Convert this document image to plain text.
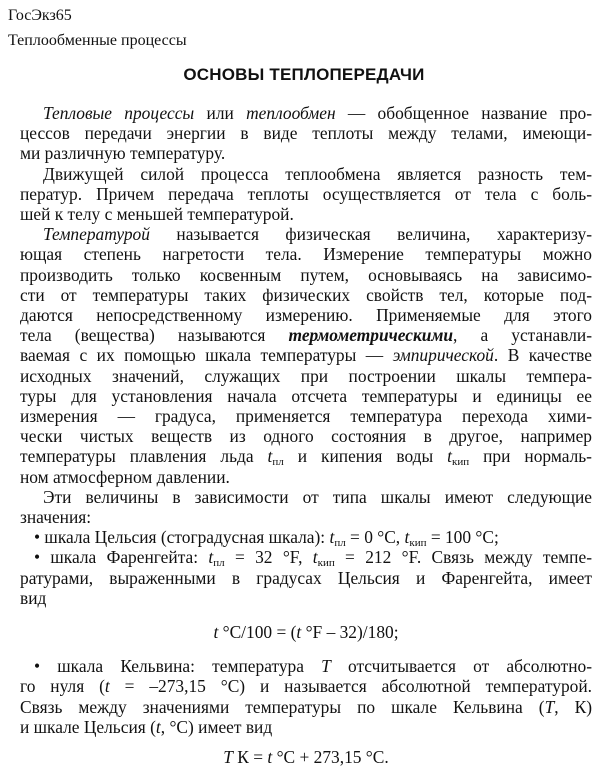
ГосЭкз65
Теплообменные процессы
ОСНОВЫ ТЕПЛОПЕРЕДАЧИ

Тепловые процессы или теплообмен — обобщенное название про-

цессов передачи энергии в виде теплоты между телами, имеющи-

ми различную температуру.

Движущей силой процесса теплообмена является разность тем-

ператур. Причем передача теплоты осуществляется от тела с боль-

шей к телу с меньшей температурой.

Температурой называется физическая величина, характеризу-

ющая степень нагретости тела. Измерение температуры можно

производить только косвенным путем, основываясь на зависимо-

сти от температуры таких физических свойств тел, которые под-

даются непосредственному измерению. Применяемые для этого

тела (вещества) называются термометрическими, а устанавли-

ваемая с их помощью шкала температуры — эмпирической. В качестве

исходных значений, служащих при построении шкалы темпера-

туры для установления начала отсчета температуры и единицы ее

измерения — градуса, применяется температура перехода хими-

чески чистых веществ из одного состояния в другое, например

температуры плавления льда $t_{пл}$ и кипения воды $t_{кип}$ при нормаль-

ном атмосферном давлении.

Эти величины в зависимости от типа шкалы имеют следующие

значения:

• шкала Цельсия (стоградусная шкала): $t_{пл} = 0$ °С, $t_{кип} = 100$ °С;

• шкала Фаренгейта: $t_{пл} = 32$ °F, $t_{кип} = 212$ °F. Связь между темпе-

ратурами, выраженными в градусах Цельсия и Фаренгейта, имеет

вид

t °С/100 = (t °F – 32)/180;

• шкала Кельвина: температура T отсчитывается от абсолютно-

го нуля (t = –273,15 °С) и называется абсолютной температурой.

Связь между значениями температуры по шкале Кельвина (T, К)

и шкале Цельсия (t, °С) имеет вид

T К = t °С + 273,15 °С.
